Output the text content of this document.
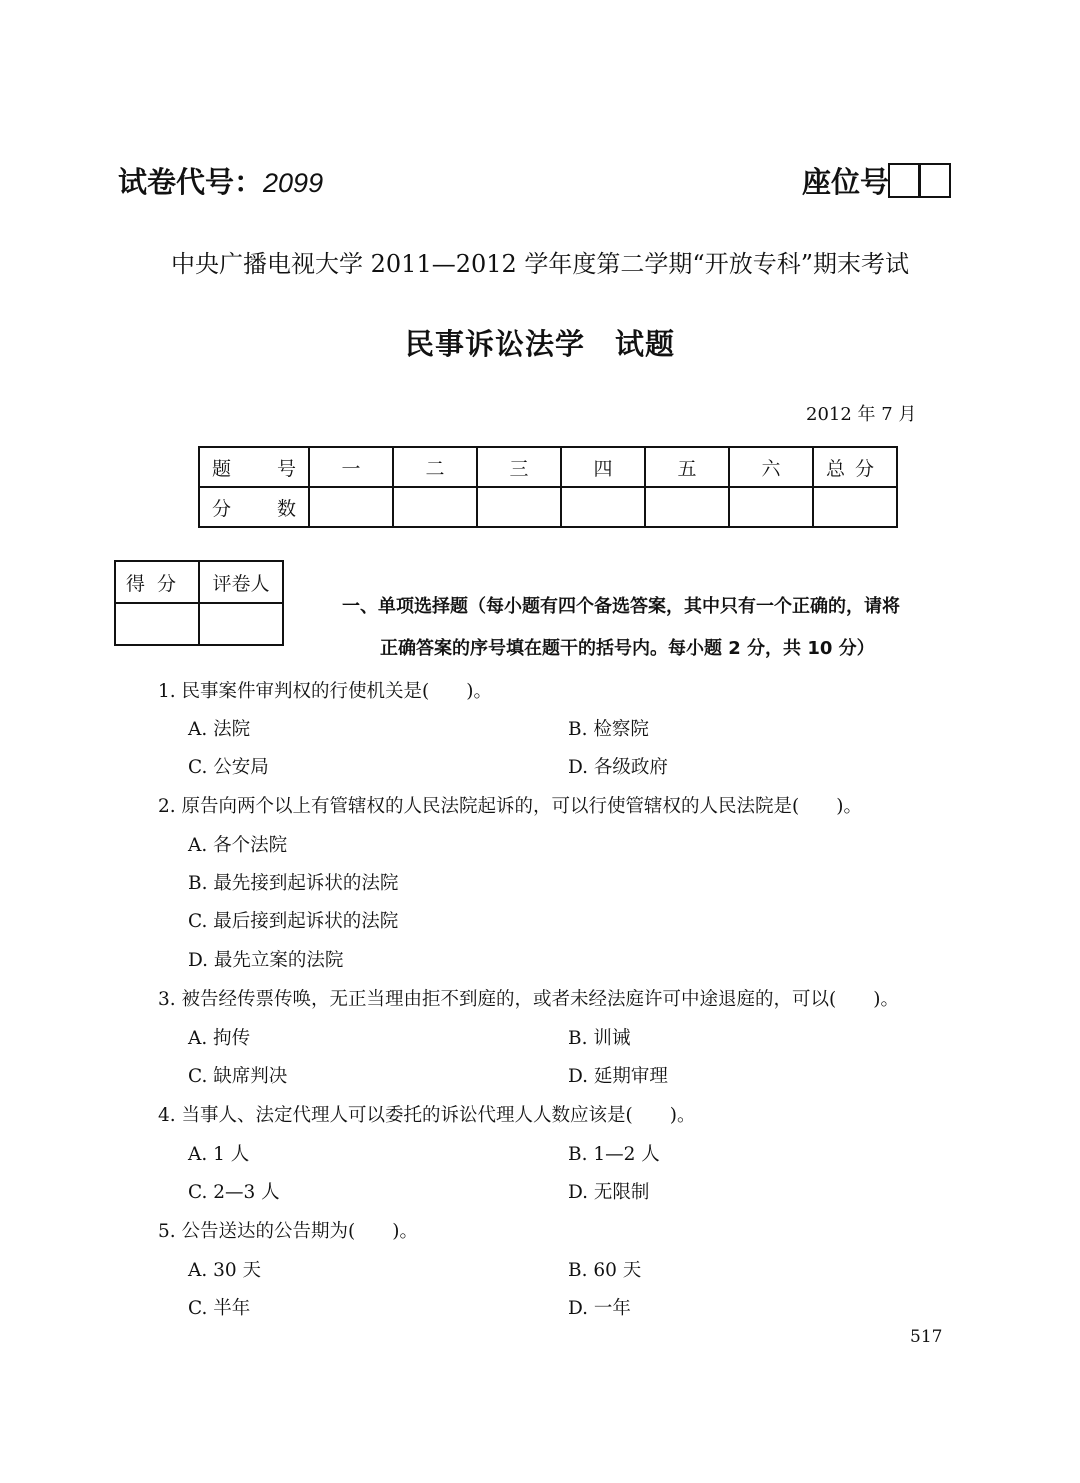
试卷代号：2099	座位号
中央广播电视大学 2011—2012 学年度第二学期“开放专科”期末考试
民事诉讼法学　试题
2012 年 7 月
题号	一	二	三	四	五	六	总分
分数							
得分	评卷人

一、单项选择题（每小题有四个备选答案，其中只有一个正确的，请将
正确答案的序号填在题干的括号内。每小题 2 分，共 10 分）
1. 民事案件审判权的行使机关是(　　)。
A. 法院	B. 检察院
C. 公安局	D. 各级政府
2. 原告向两个以上有管辖权的人民法院起诉的，可以行使管辖权的人民法院是(　　)。
A. 各个法院
B. 最先接到起诉状的法院
C. 最后接到起诉状的法院
D. 最先立案的法院
3. 被告经传票传唤，无正当理由拒不到庭的，或者未经法庭许可中途退庭的，可以(　　)。
A. 拘传	B. 训诫
C. 缺席判决	D. 延期审理
4. 当事人、法定代理人可以委托的诉讼代理人人数应该是(　　)。
A. 1 人	B. 1—2 人
C. 2—3 人	D. 无限制
5. 公告送达的公告期为(　　)。
A. 30 天	B. 60 天
C. 半年	D. 一年
517
